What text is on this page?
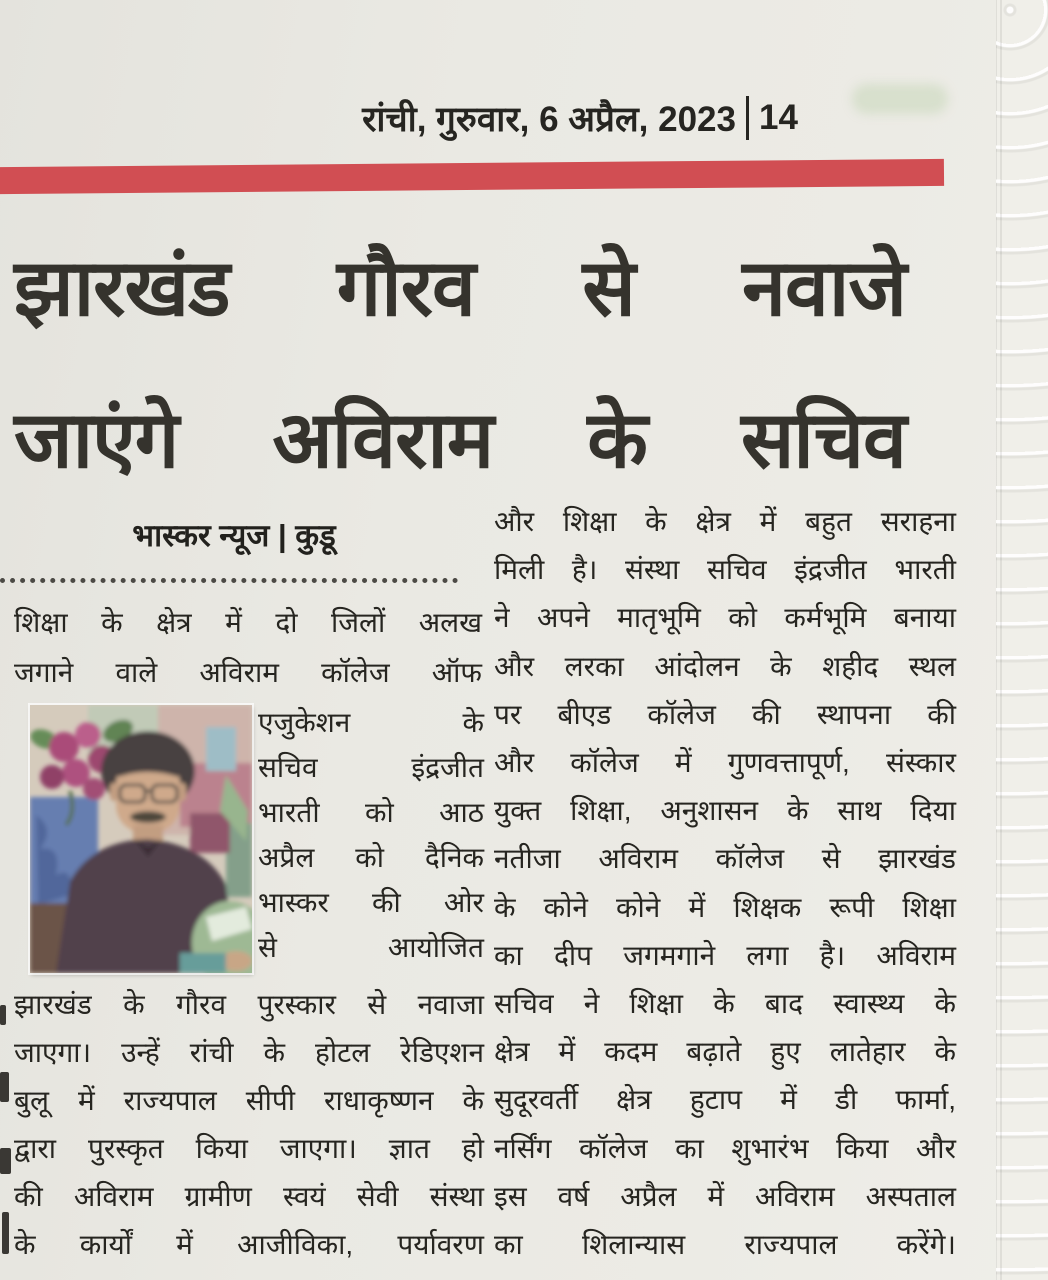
रांची, गुरुवार, 6 अप्रैल, 2023 14
झारखंड गौरव से नवाजे
जाएंगे अविराम के सचिव
भास्कर न्यूज | कुडू
शिक्षा के क्षेत्र में दो जिलों अलख
जगाने वाले अविराम कॉलेज ऑफ
एजुकेशन के
सचिव इंद्रजीत
भारती को आठ
अप्रैल को दैनिक
भास्कर की ओर
से आयोजित
झारखंड के गौरव पुरस्कार से नवाजा
जाएगा। उन्हें रांची के होटल रेडिएशन
बुलू में राज्यपाल सीपी राधाकृष्णन के
द्वारा पुरस्कृत किया जाएगा। ज्ञात हो
की अविराम ग्रामीण स्वयं सेवी संस्था
के कार्यों में आजीविका, पर्यावरण
और शिक्षा के क्षेत्र में बहुत सराहना
मिली है। संस्था सचिव इंद्रजीत भारती
ने अपने मातृभूमि को कर्मभूमि बनाया
और लरका आंदोलन के शहीद स्थल
पर बीएड कॉलेज की स्थापना की
और कॉलेज में गुणवत्तापूर्ण, संस्कार
युक्त शिक्षा, अनुशासन के साथ दिया
नतीजा अविराम कॉलेज से झारखंड
के कोने कोने में शिक्षक रूपी शिक्षा
का दीप जगमगाने लगा है। अविराम
सचिव ने शिक्षा के बाद स्वास्थ्य के
क्षेत्र में कदम बढ़ाते हुए लातेहार के
सुदूरवर्ती क्षेत्र हुटाप में डी फार्मा,
नर्सिंग कॉलेज का शुभारंभ किया और
इस वर्ष अप्रैल में अविराम अस्पताल
का शिलान्यास राज्यपाल करेंगे।
